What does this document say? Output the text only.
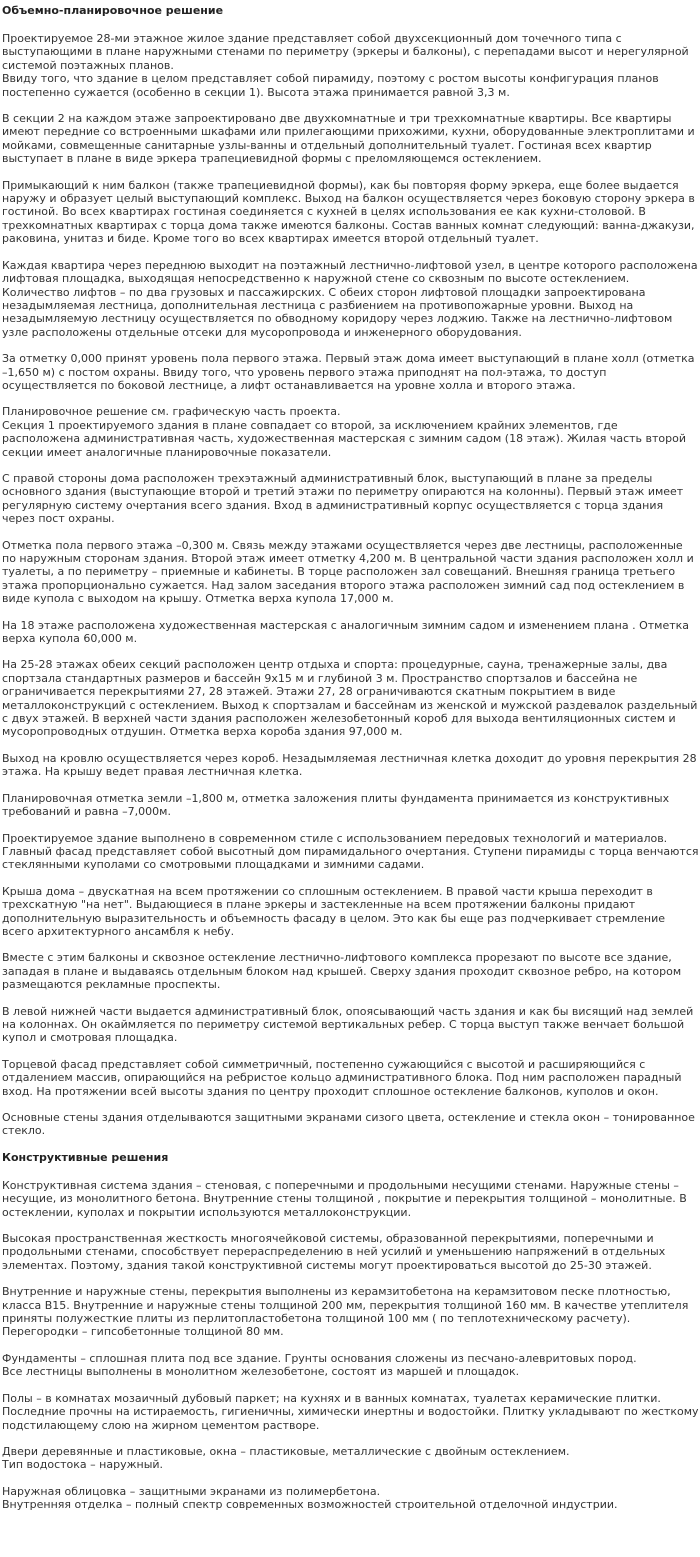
Объемно-планировочное решение

Проектируемое 28-ми этажное жилое здание представляет собой двухсекционный дом точечного типа с выступающими в плане наружными стенами по периметру (эркеры и балконы), с перепадами высот и нерегулярной системой поэтажных планов.
Ввиду того, что здание в целом представляет собой пирамиду, поэтому с ростом высоты конфигурация планов постепенно сужается (особенно в секции 1). Высота этажа принимается равной 3,3 м.

В секции 2 на каждом этаже запроектировано две двухкомнатные и три трехкомнатные квартиры. Все квартиры имеют передние со встроенными шкафами или прилегающими прихожими, кухни, оборудованные электроплитами и мойками, совмещенные санитарные узлы-ванны и отдельный дополнительный туалет. Гостиная всех квартир выступает в плане в виде эркера трапециевидной формы с преломляющемся остеклением.

Примыкающий к ним балкон (также трапециевидной формы), как бы повторяя форму эркера, еще более выдается наружу и образует целый выступающий комплекс. Выход на балкон осуществляется через боковую сторону эркера в гостиной. Во всех квартирах гостиная соединяется с кухней в целях использования ее как кухни-столовой. В трехкомнатных квартирах с торца дома также имеются балконы. Состав ванных комнат следующий: ванна-джакузи, раковина, унитаз и биде. Кроме того во всех квартирах имеется второй отдельный туалет.

Каждая квартира через переднюю выходит на поэтажный лестнично-лифтовой узел, в центре которого расположена лифтовая площадка, выходящая непосредственно к наружной стене со сквозным по высоте остеклением. Количество лифтов – по два грузовых и пассажирских. С обеих сторон лифтовой площадки запроектирована незадымляемая лестница, дополнительная лестница с разбиением на противопожарные уровни. Выход на незадымляемую лестницу осуществляется по обводному коридору через лоджию. Также на лестнично-лифтовом узле расположены отдельные отсеки для мусоропровода и инженерного оборудования.

За отметку 0,000 принят уровень пола первого этажа. Первый этаж дома имеет выступающий в плане холл (отметка –1,650 м) с постом охраны. Ввиду того, что уровень первого этажа приподнят на пол-этажа, то доступ осуществляется по боковой лестнице, а лифт останавливается на уровне холла и второго этажа.

Планировочное решение см. графическую часть проекта.
Секция 1 проектируемого здания в плане совпадает со второй, за исключением крайних элементов, где расположена административная часть, художественная мастерская с зимним садом (18 этаж). Жилая часть второй секции имеет аналогичные планировочные показатели.

С правой стороны дома расположен трехэтажный административный блок, выступающий в плане за пределы основного здания (выступающие второй и третий этажи по периметру опираются на колонны). Первый этаж имеет регулярную систему очертания всего здания. Вход в административный корпус осуществляется с торца здания через пост охраны.

Отметка пола первого этажа –0,300 м. Связь между этажами осуществляется через две лестницы, расположенные по наружным сторонам здания. Второй этаж имеет отметку 4,200 м. В центральной части здания расположен холл и туалеты, а по периметру – приемные и кабинеты. В торце расположен зал совещаний. Внешняя граница третьего этажа пропорционально сужается. Над залом заседания второго этажа расположен зимний сад под остеклением в виде купола с выходом на крышу. Отметка верха купола 17,000 м.

На 18 этаже расположена художественная мастерская с аналогичным зимним садом и изменением плана . Отметка верха купола 60,000 м.

На 25-28 этажах обеих секций расположен центр отдыха и спорта: процедурные, сауна, тренажерные залы, два спортзала стандартных размеров и бассейн 9х15 м и глубиной 3 м. Пространство спортзалов и бассейна не ограничивается перекрытиями 27, 28 этажей. Этажи 27, 28 ограничиваются скатным покрытием в виде металлоконструкций с остеклением. Выход к спортзалам и бассейнам из женской и мужской раздевалок раздельный с двух этажей. В верхней части здания расположен железобетонный короб для выхода вентиляционных систем и мусоропроводных отдушин. Отметка верха короба здания 97,000 м.

Выход на кровлю осуществляется через короб. Незадымляемая лестничная клетка доходит до уровня перекрытия 28 этажа. На крышу ведет правая лестничная клетка.

Планировочная отметка земли –1,800 м, отметка заложения плиты фундамента принимается из конструктивных требований и равна –7,000м.

Проектируемое здание выполнено в современном стиле с использованием передовых технологий и материалов. Главный фасад представляет собой высотный дом пирамидального очертания. Ступени пирамиды с торца венчаются стеклянными куполами со смотровыми площадками и зимними садами.

Крыша дома – двускатная на всем протяжении со сплошным остеклением. В правой части крыша переходит в трехскатную "на нет". Выдающиеся в плане эркеры и застекленные на всем протяжении балконы придают дополнительную выразительность и объемность фасаду в целом. Это как бы еще раз подчеркивает стремление всего архитектурного ансамбля к небу.

Вместе с этим балконы и сквозное остекление лестнично-лифтового комплекса прорезают по высоте все здание, западая в плане и выдаваясь отдельным блоком над крышей. Сверху здания проходит сквозное ребро, на котором размещаются рекламные проспекты.

В левой нижней части выдается административный блок, опоясывающий часть здания и как бы висящий над землей на колоннах. Он окаймляется по периметру системой вертикальных ребер. С торца выступ также венчает большой купол и смотровая площадка.

Торцевой фасад представляет собой симметричный, постепенно сужающийся с высотой и расширяющийся с отдалением массив, опирающийся на ребристое кольцо административного блока. Под ним расположен парадный вход. На протяжении всей высоты здания по центру проходит сплошное остекление балконов, куполов и окон.

Основные стены здания отделываются защитными экранами сизого цвета, остекление и стекла окон – тонированное стекло.

Конструктивные решения

Конструктивная система здания – стеновая, с поперечными и продольными несущими стенами. Наружные стены – несущие, из монолитного бетона. Внутренние стены толщиной , покрытие и перекрытия толщиной – монолитные. В остеклении, куполах и покрытии используются металлоконструкции.

Высокая пространственная жесткость многоячейковой системы, образованной перекрытиями, поперечными и продольными стенами, способствует перераспределению в ней усилий и уменьшению напряжений в отдельных элементах. Поэтому, здания такой конструктивной системы могут проектироваться высотой до 25-30 этажей.

Внутренние и наружные стены, перекрытия выполнены из керамзитобетона на керамзитовом песке плотностью, класса В15. Внутренние и наружные стены толщиной 200 мм, перекрытия толщиной 160 мм. В качестве утеплителя приняты полужесткие плиты из перлитопластобетона толщиной 100 мм ( по теплотехническому расчету).
Перегородки – гипсобетонные толщиной 80 мм.

Фундаменты – сплошная плита под все здание. Грунты основания сложены из песчано-алевритовых пород.
Все лестницы выполнены в монолитном железобетоне, состоят из маршей и площадок.

Полы – в комнатах мозаичный дубовый паркет; на кухнях и в ванных комнатах, туалетах керамические плитки. Последние прочны на истираемость, гигиеничны, химически инертны и водостойки. Плитку укладывают по жесткому подстилающему слою на жирном цементом растворе.

Двери деревянные и пластиковые, окна – пластиковые, металлические с двойным остеклением.
Тип водостока – наружный.

Наружная облицовка – защитными экранами из полимербетона.
Внутренняя отделка – полный спектр современных возможностей строительной отделочной индустрии.
